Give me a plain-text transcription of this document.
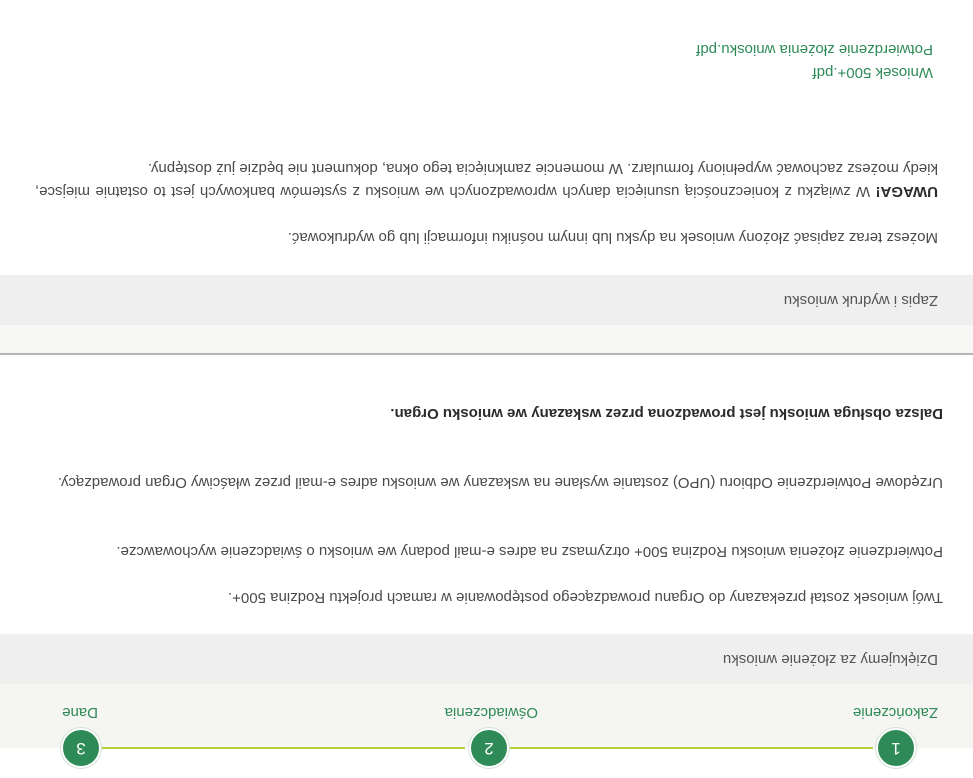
1
2
3
Dane	Oświadczenia	Zakończenie
Dziękujemy za złożenie wniosku
Twój wniosek został przekazany do Organu prowadzącego postępowanie w ramach projektu Rodzina 500+.
Potwierdzenie złożenia wniosku Rodzina 500+ otrzymasz na adres e-mail podany we wniosku o świadczenie wychowawcze.
Urzędowe Potwierdzenie Odbioru (UPO) zostanie wysłane na wskazany we wniosku adres e-mail przez właściwy Organ prowadzący.
Dalsza obsługa wniosku jest prowadzona przez wskazany we wniosku Organ.
Zapis i wydruk wniosku
Możesz teraz zapisać złożony wniosek na dysku lub innym nośniku informacji lub go wydrukować.
UWAGA! W związku z koniecznością usunięcia danych wprowadzonych we wniosku z systemów bankowych jest to ostatnie miejsce, kiedy możesz zachować wypełniony formularz. W momencie zamknięcia tego okna, dokument nie będzie już dostępny.
Wniosek 500+.pdf
Potwierdzenie złożenia wniosku.pdf
